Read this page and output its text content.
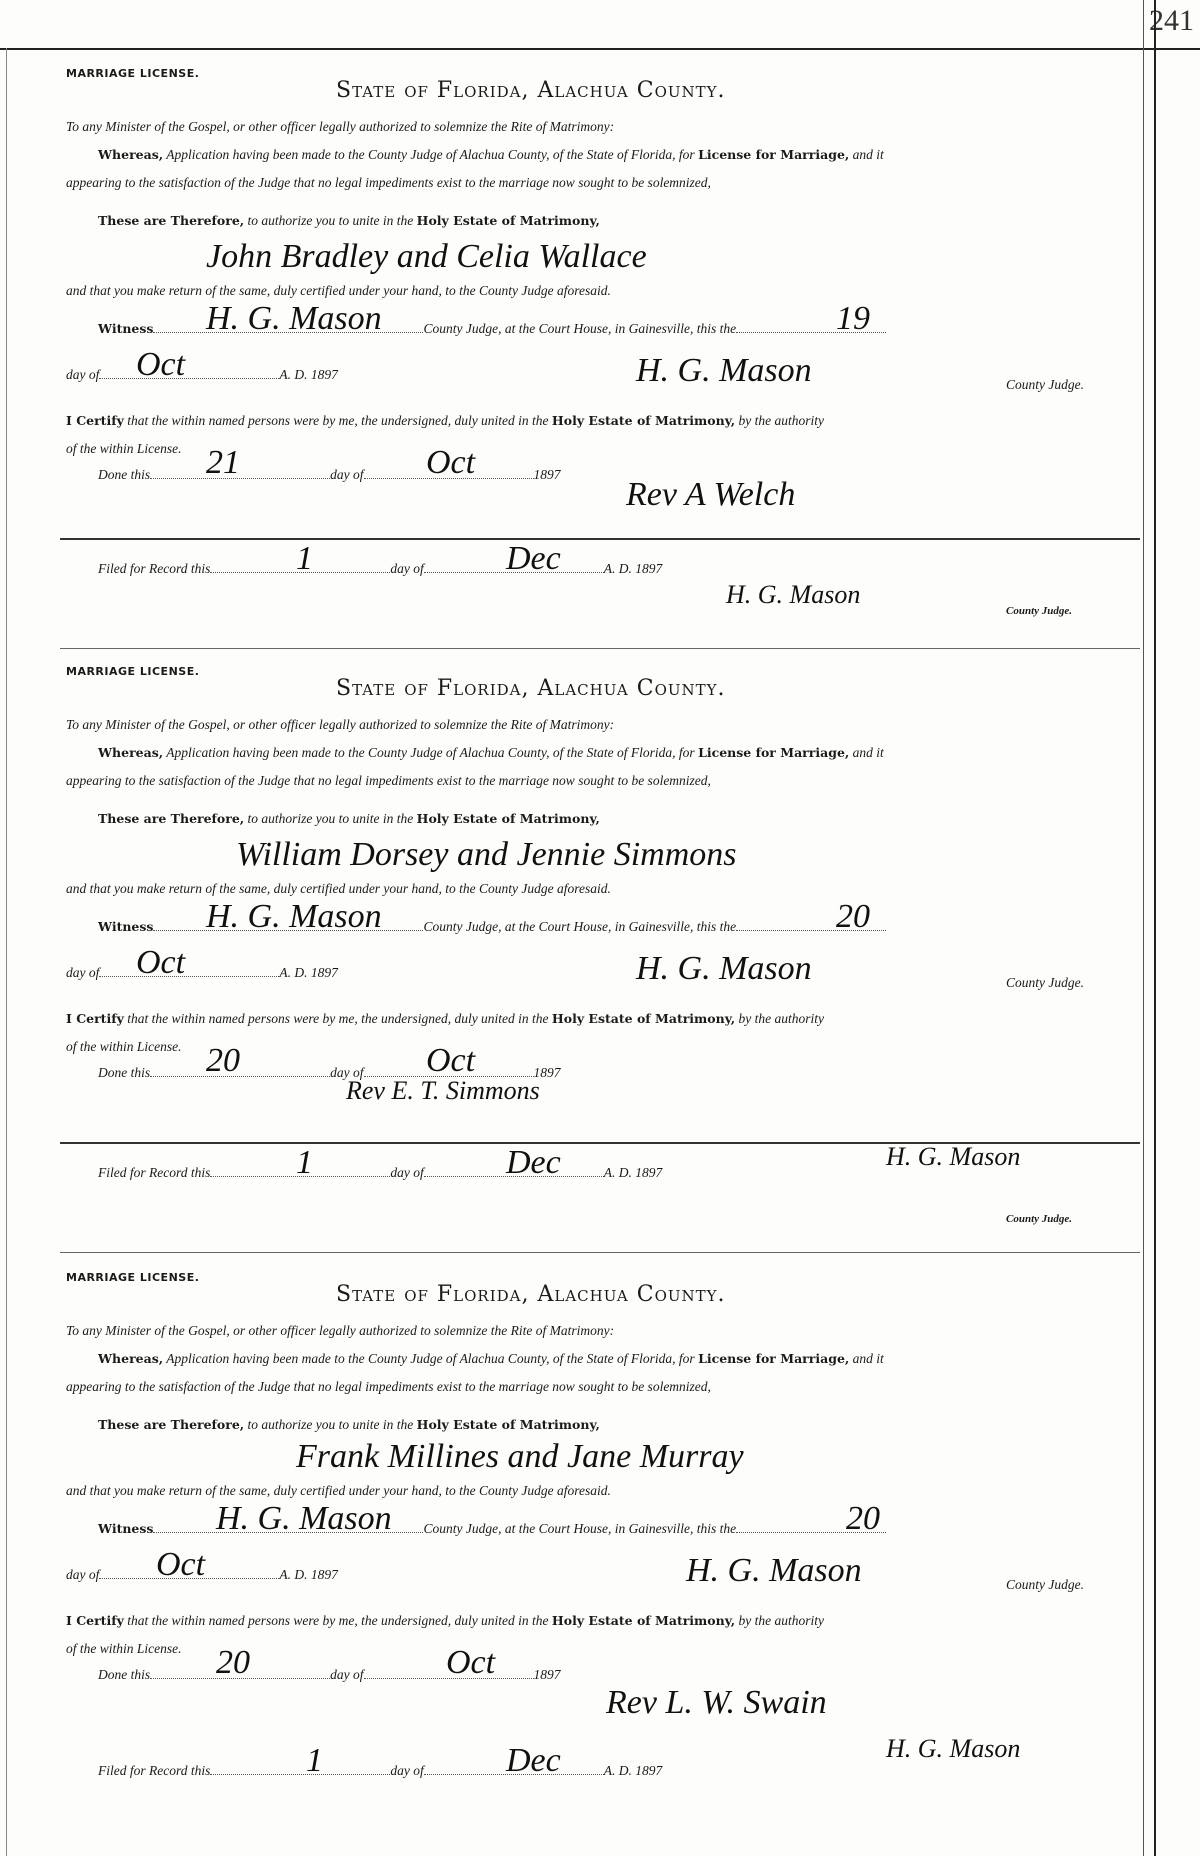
241
MARRIAGE LICENSE.
State of Florida, Alachua County.
To any Minister of the Gospel, or other officer legally authorized to solemnize the Rite of Matrimony:
Whereas, Application having been made to the County Judge of Alachua County, of the State of Florida, for License for Marriage, and it
appearing to the satisfaction of the Judge that no legal impediments exist to the marriage now sought to be solemnized,
These are Therefore, to authorize you to unite in the Holy Estate of Matrimony,
John Bradley and Celia Wallace
and that you make return of the same, duly certified under your hand, to the County Judge aforesaid.
Witness	County Judge, at the Court House, in Gainesville, this the
H. G. Mason	19
day of	A. D. 1897
Oct	H. G. Mason	County Judge.
I Certify that the within named persons were by me, the undersigned, duly united in the Holy Estate of Matrimony, by the authority
of the within License.
Done this	day of	1897
21	Oct
Rev A Welch
Filed for Record this	day of	A. D. 1897
1	Dec
H. G. Mason
County Judge.
MARRIAGE LICENSE.
State of Florida, Alachua County.
To any Minister of the Gospel, or other officer legally authorized to solemnize the Rite of Matrimony:
Whereas, Application having been made to the County Judge of Alachua County, of the State of Florida, for License for Marriage, and it
appearing to the satisfaction of the Judge that no legal impediments exist to the marriage now sought to be solemnized,
These are Therefore, to authorize you to unite in the Holy Estate of Matrimony,
William Dorsey and Jennie Simmons
and that you make return of the same, duly certified under your hand, to the County Judge aforesaid.
Witness	County Judge, at the Court House, in Gainesville, this the
H. G. Mason	20
day of	A. D. 1897
Oct	H. G. Mason	County Judge.
I Certify that the within named persons were by me, the undersigned, duly united in the Holy Estate of Matrimony, by the authority
of the within License.
Done this	day of	1897
20	Oct
Rev E. T. Simmons
Filed for Record this	day of	A. D. 1897
1	Dec	H. G. Mason
County Judge.
MARRIAGE LICENSE.
State of Florida, Alachua County.
To any Minister of the Gospel, or other officer legally authorized to solemnize the Rite of Matrimony:
Whereas, Application having been made to the County Judge of Alachua County, of the State of Florida, for License for Marriage, and it
appearing to the satisfaction of the Judge that no legal impediments exist to the marriage now sought to be solemnized,
These are Therefore, to authorize you to unite in the Holy Estate of Matrimony,
Frank Millines and Jane Murray
and that you make return of the same, duly certified under your hand, to the County Judge aforesaid.
Witness	County Judge, at the Court House, in Gainesville, this the
H. G. Mason	20
day of	A. D. 1897
Oct	H. G. Mason	County Judge.
I Certify that the within named persons were by me, the undersigned, duly united in the Holy Estate of Matrimony, by the authority
of the within License.
Done this	day of	1897
20	Oct
Rev L. W. Swain
Filed for Record this	day of	A. D. 1897
1	Dec	H. G. Mason
